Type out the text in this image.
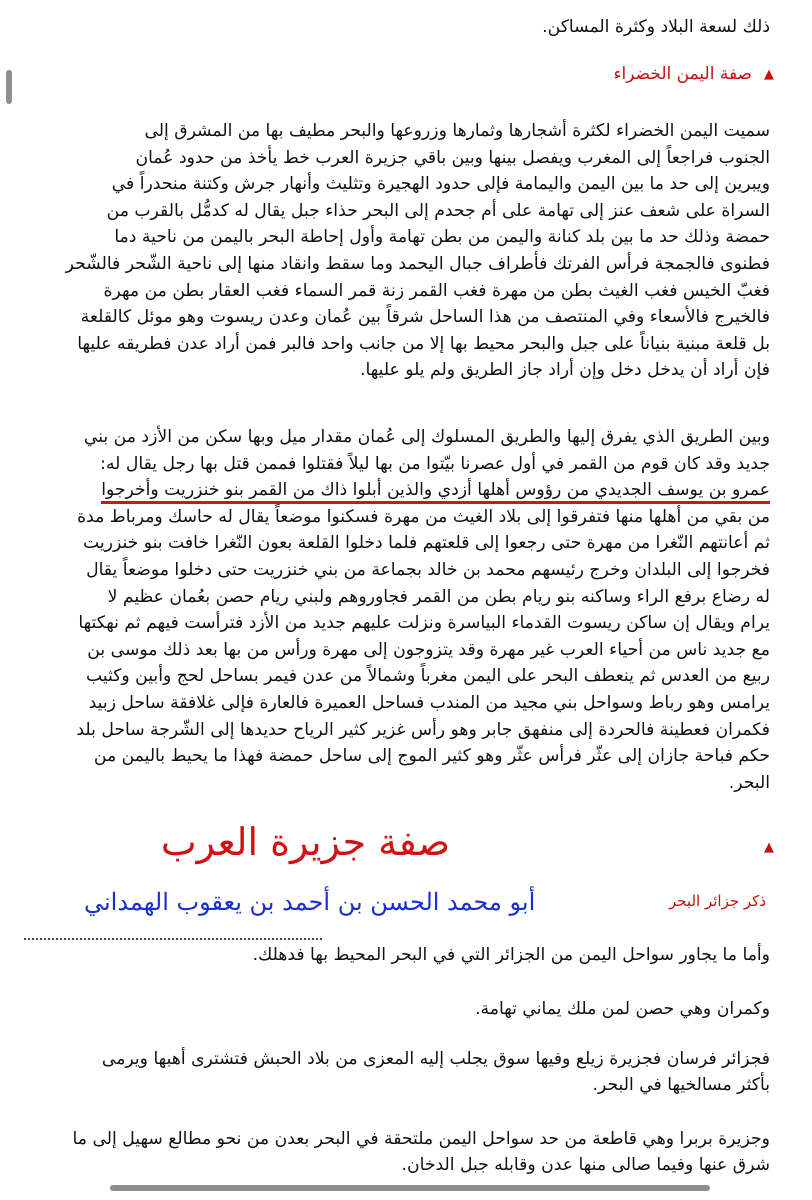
ذلك لسعة البلاد وكثرة المساكن.

▲
صفة اليمن الخضراء

سميت اليمن الخضراء لكثرة أشجارها وثمارها وزروعها والبحر مطيف بها من المشرق إلى

الجنوب فراجعاً إلى المغرب ويفصل بينها وبين باقي جزيرة العرب خط يأخذ من حدود عُمان

ويبرين إلى حد ما بين اليمن واليمامة فإلى حدود الهجيرة وتثليث وأنهار جرش وكتنة منحدراً في

السراة على شعف عنز إلى تهامة على أم جحدم إلى البحر حذاء جبل يقال له كدمُّل بالقرب من

حمضة وذلك حد ما بين بلد كنانة واليمن من بطن تهامة وأول إحاطة البحر باليمن من ناحية دما

فطنوى فالجمجة فرأس الفرتك فأطراف جبال اليحمد وما سقط وانقاد منها إلى ناحية الشّحر فالشّحر

فغبّ الخيس فغب الغيث بطن من مهرة فغب القمر زنة قمر السماء فغب العقار بطن من مهرة

فالخيرج فالأسعاء وفي المنتصف من هذا الساحل شرقاً بين عُمان وعدن ريسوت وهو موئل كالقلعة

بل قلعة مبنية بنياناً على جبل والبحر محيط بها إلا من جانب واحد فالبر فمن أراد عدن فطريقه عليها

فإن أراد أن يدخل دخل وإن أراد جاز الطريق ولم يلو عليها.

وبين الطريق الذي يفرق إليها والطريق المسلوك إلى عُمان مقدار ميل وبها سكن من الأزد من بني

جديد وقد كان قوم من القمر في أول عصرنا بيّتوا من بها ليلاً فقتلوا فممن قتل بها رجل يقال له:

عمرو بن يوسف الجديدي من رؤوس أهلها أزدي والذين أبلوا ذاك من القمر بنو خنزريت وأخرجوا

من بقي من أهلها منها فتفرقوا إلى بلاد الغيث من مهرة فسكنوا موضعاً يقال له حاسك ومرباط مدة

ثم أعانتهم النّغرا من مهرة حتى رجعوا إلى قلعتهم فلما دخلوا القلعة بعون النّغرا خافت بنو خنزريت

فخرجوا إلى البلدان وخرج رئيسهم محمد بن خالد بجماعة من بني خنزريت حتى دخلوا موضعاً يقال

له رضاع برفع الراء وساكنه بنو ريام بطن من القمر فجاوروهم ولبني ريام حصن بعُمان عظيم لا

يرام ويقال إن ساكن ريسوت القدماء البياسرة ونزلت عليهم جديد من الأزد فترأست فيهم ثم نهكتها

مع جديد ناس من أحياء العرب غير مهرة وقد يتزوجون إلى مهرة ورأس من بها بعد ذلك موسى بن

ربيع من العدس ثم ينعطف البحر على اليمن مغرباً وشمالاً من عدن فيمر بساحل لحج وأبين وكثيب

يرامس وهو رباط وسواحل بني مجيد من المندب فساحل العميرة فالعارة فإلى غلافقة ساحل زبيد

فكمران فعطينة فالحردة إلى منفهق جابر وهو رأس غزير كثير الرياح حديدها إلى الشّرجة ساحل بلد

حكم فباحة جازان إلى عثّر فرأس عثّر وهو كثير الموج إلى ساحل حمضة فهذا ما يحيط باليمن من

البحر.

▲
صفة جزيرة العرب
ذكر جزائر البحر
أبو محمد الحسن بن أحمد بن يعقوب الهمداني

وأما ما يجاور سواحل اليمن من الجزائر التي في البحر المحيط بها فدهلك.

وكمران وهي حصن لمن ملك يماني تهامة.

فجزائر فرسان فجزيرة زيلع وفيها سوق يجلب إليه المعزى من بلاد الحبش فتشترى أهبها ويرمى

بأكثر مسالخيها في البحر.

وجزيرة بربرا وهي قاطعة من حد سواحل اليمن ملتحقة في البحر بعدن من نحو مطالع سهيل إلى ما

شرق عنها وفيما صالى منها عدن وقابله جبل الدخان.
